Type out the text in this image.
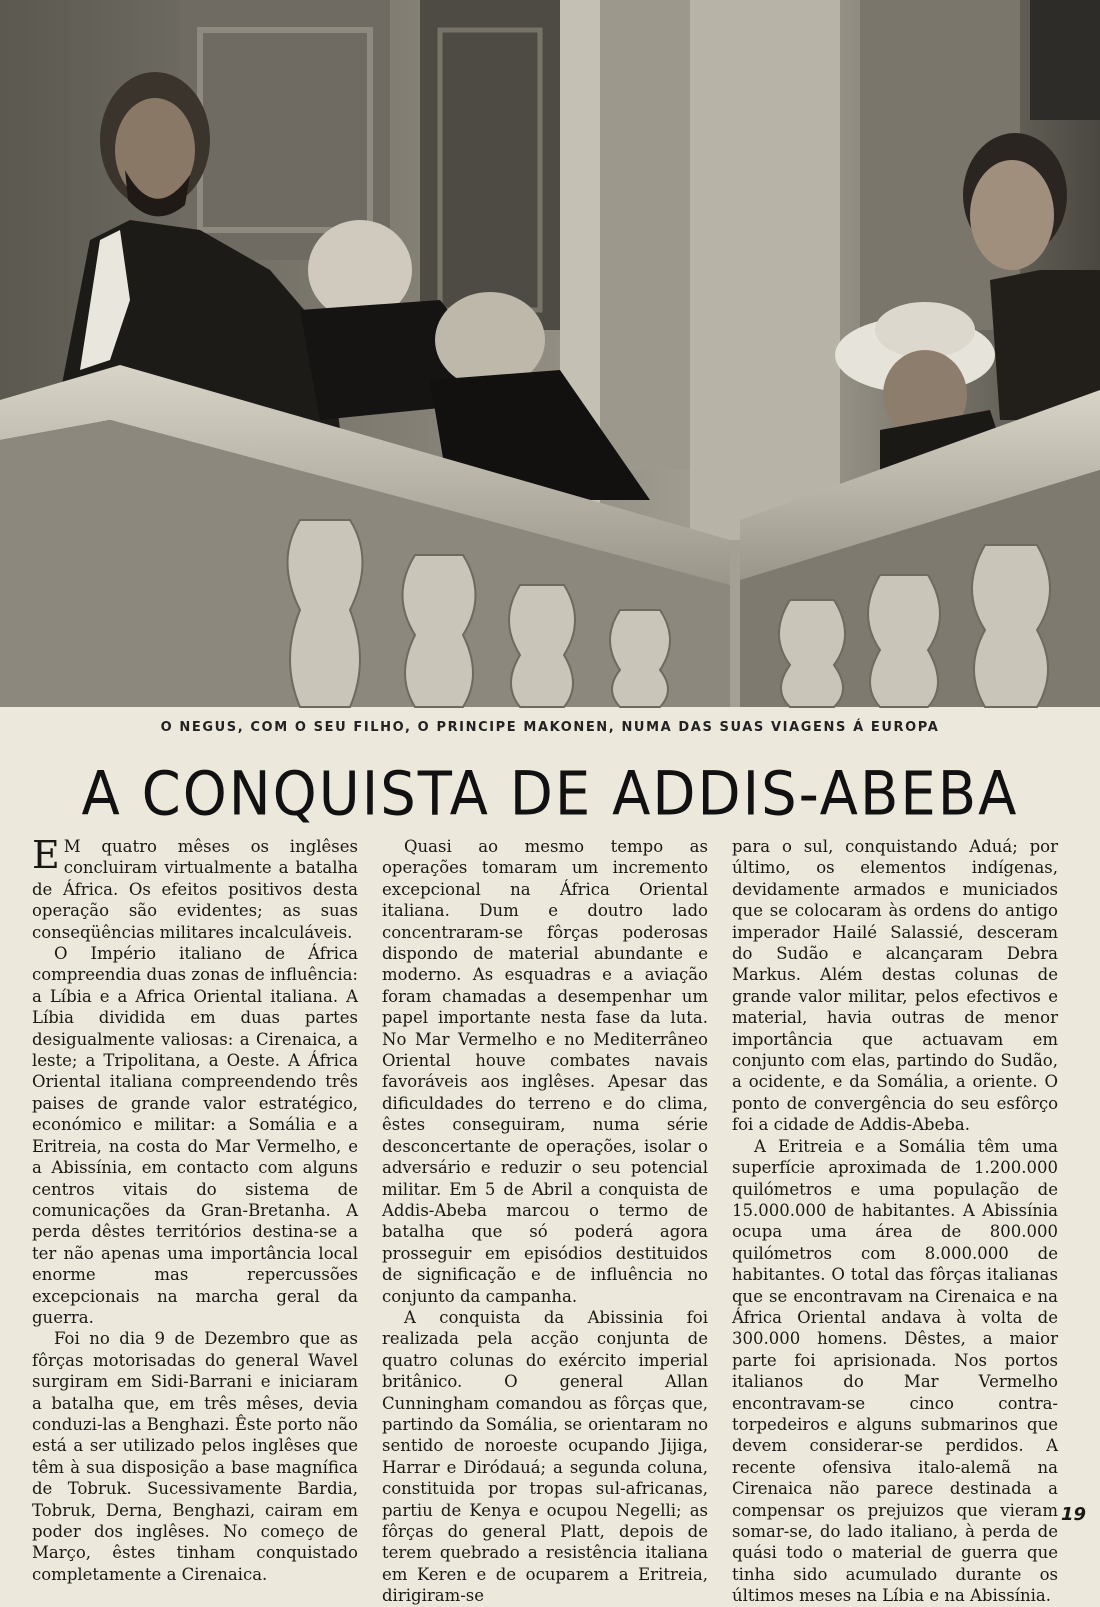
O NEGUS, COM O SEU FILHO, O PRINCIPE MAKONEN, NUMA DAS SUAS VIAGENS Á EUROPA
A CONQUISTA DE ADDIS-ABEBA

E M quatro mêses os inglêses concluiram virtualmente a batalha de África. Os efeitos positivos desta operação são evidentes; as suas conseqüências militares incalculáveis.

O Império italiano de África compreendia duas zonas de influência: a Líbia e a Africa Oriental italiana. A Líbia dividida em duas partes desigualmente valiosas: a Cirenaica, a leste; a Tripolitana, a Oeste. A África Oriental italiana compreendendo três paises de grande valor estratégico, económico e militar: a Somália e a Eritreia, na costa do Mar Vermelho, e a Abissínia, em contacto com alguns centros vitais do sistema de comunicações da Gran-Bretanha. A perda dêstes territórios destina-se a ter não apenas uma importância local enorme mas repercussões excepcionais na marcha geral da guerra.

Foi no dia 9 de Dezembro que as fôrças motorisadas do general Wavel surgiram em Sidi-Barrani e iniciaram a batalha que, em três mêses, devia conduzi-las a Benghazi. Êste porto não está a ser utilizado pelos inglêses que têm à sua disposição a base magnífica de Tobruk. Sucessivamente Bardia, Tobruk, Derna, Benghazi, cairam em poder dos inglêses. No começo de Março, êstes tinham conquistado completamente a Cirenaica.

Quasi ao mesmo tempo as operações tomaram um incremento excepcional na África Oriental italiana. Dum e doutro lado concentraram-se fôrças poderosas dispondo de material abundante e moderno. As esquadras e a aviação foram chamadas a desempenhar um papel importante nesta fase da luta. No Mar Vermelho e no Mediterrâneo Oriental houve combates navais favoráveis aos inglêses. Apesar das dificuldades do terreno e do clima, êstes conseguiram, numa série desconcertante de operações, isolar o adversário e reduzir o seu potencial militar. Em 5 de Abril a conquista de Addis-Abeba marcou o termo de batalha que só poderá agora prosseguir em episódios destituidos de significação e de influência no conjunto da campanha.

A conquista da Abissinia foi realizada pela acção conjunta de quatro colunas do exército imperial britânico. O general Allan Cunningham comandou as fôrças que, partindo da Somália, se orientaram no sentido de noroeste ocupando Jijiga, Harrar e Diródauá; a segunda coluna, constituida por tropas sul-africanas, partiu de Kenya e ocupou Negelli; as fôrças do general Platt, depois de terem quebrado a resistência italiana em Keren e de ocuparem a Eritreia, dirigiram-se

para o sul, conquistando Aduá; por último, os elementos indígenas, devidamente armados e municiados que se colocaram às ordens do antigo imperador Hailé Salassié, desceram do Sudão e alcançaram Debra Markus. Além destas colunas de grande valor militar, pelos efectivos e material, havia outras de menor importância que actuavam em conjunto com elas, partindo do Sudão, a ocidente, e da Somália, a oriente. O ponto de convergência do seu esfôrço foi a cidade de Addis-Abeba.

A Eritreia e a Somália têm uma superfície aproximada de 1.200.000 quilómetros e uma população de 15.000.000 de habitantes. A Abissínia ocupa uma área de 800.000 quilómetros com 8.000.000 de habitantes. O total das fôrças italianas que se encontravam na Cirenaica e na África Oriental andava à volta de 300.000 homens. Dêstes, a maior parte foi aprisionada. Nos portos italianos do Mar Vermelho encontravam-se cinco contra-torpedeiros e alguns submarinos que devem considerar-se perdidos. A recente ofensiva italo-alemã na Cirenaica não parece destinada a compensar os prejuizos que vieram somar-se, do lado italiano, à perda de quási todo o material de guerra que tinha sido acumulado durante os últimos meses na Líbia e na Abissínia.

19
